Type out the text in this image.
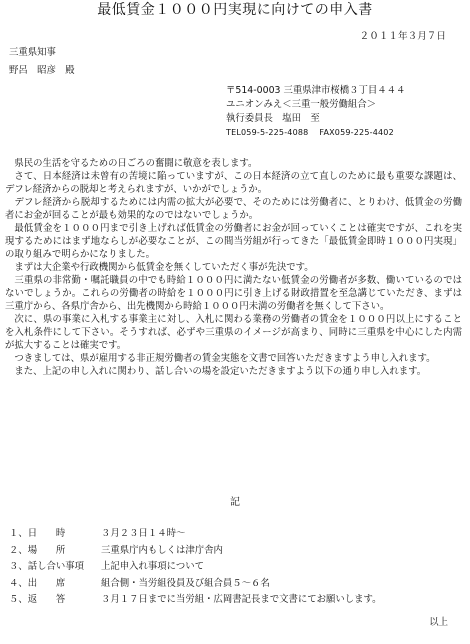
最低賃金１０００円実現に向けての申入書
２０１１年３月７日
三重県知事
野呂　昭彦　殿
〒514-0003 三重県津市桜橋３丁目４４４
ユニオンみえ＜三重一般労働組合＞
執行委員長　塩田　至
TEL059-5-225-4088　 FAX059-225-4402

県民の生活を守るための日ごろの奮闘に敬意を表します。

さて、日本経済は未曾有の苦境に陥っていますが、この日本経済の立て直しのために最も重要な課題は、デフレ経済からの脱却と考えられますが、いかがでしょうか。

デフレ経済から脱却するためには内需の拡大が必要で、そのためには労働者に、とりわけ、低賃金の労働者にお金が回ることが最も効果的なのではないでしょうか。

最低賃金を１０００円まで引き上げれば低賃金の労働者にお金が回っていくことは確実ですが、これを実現するためにはまず地ならしが必要なことが、この間当労組が行ってきた「最低賃金即時１０００円実現」の取り組みで明らかになりました。

まずは大企業や行政機関から低賃金を無くしていただく事が先決です。

三重県の非常勤・嘱託職員の中でも時給１０００円に満たない低賃金の労働者が多数、働いているのではないでしょうか。これらの労働者の時給を１０００円に引き上げる財政措置を至急講じていただき、まずは三重庁から、各県庁舎から、出先機関から時給１０００円未満の労働者を無くして下さい。

次に、県の事業に入札する事業主に対し、入札に関わる業務の労働者の賃金を１０００円以上にすることを入札条件にして下さい。そうすれば、必ずや三重県のイメージが高まり、同時に三重県を中心にした内需が拡大することは確実です。

つきましては、県が雇用する非正規労働者の賃金実態を文書で回答いただきますよう申し入れます。

また、上記の申し入れに関わり、話し合いの場を設定いただきますよう以下の通り申し入れます。

記
１、日　　時	３月２３日１４時～
２、場　　所	三重県庁内もしくは津庁舎内
３、話し合い事項	上記申入れ事項について
４、出　　席	組合側・当労組役員及び組合員５～６名
５、返　　答	３月１７日までに当労組・広岡書記長まで文書にてお願いします。
以上
